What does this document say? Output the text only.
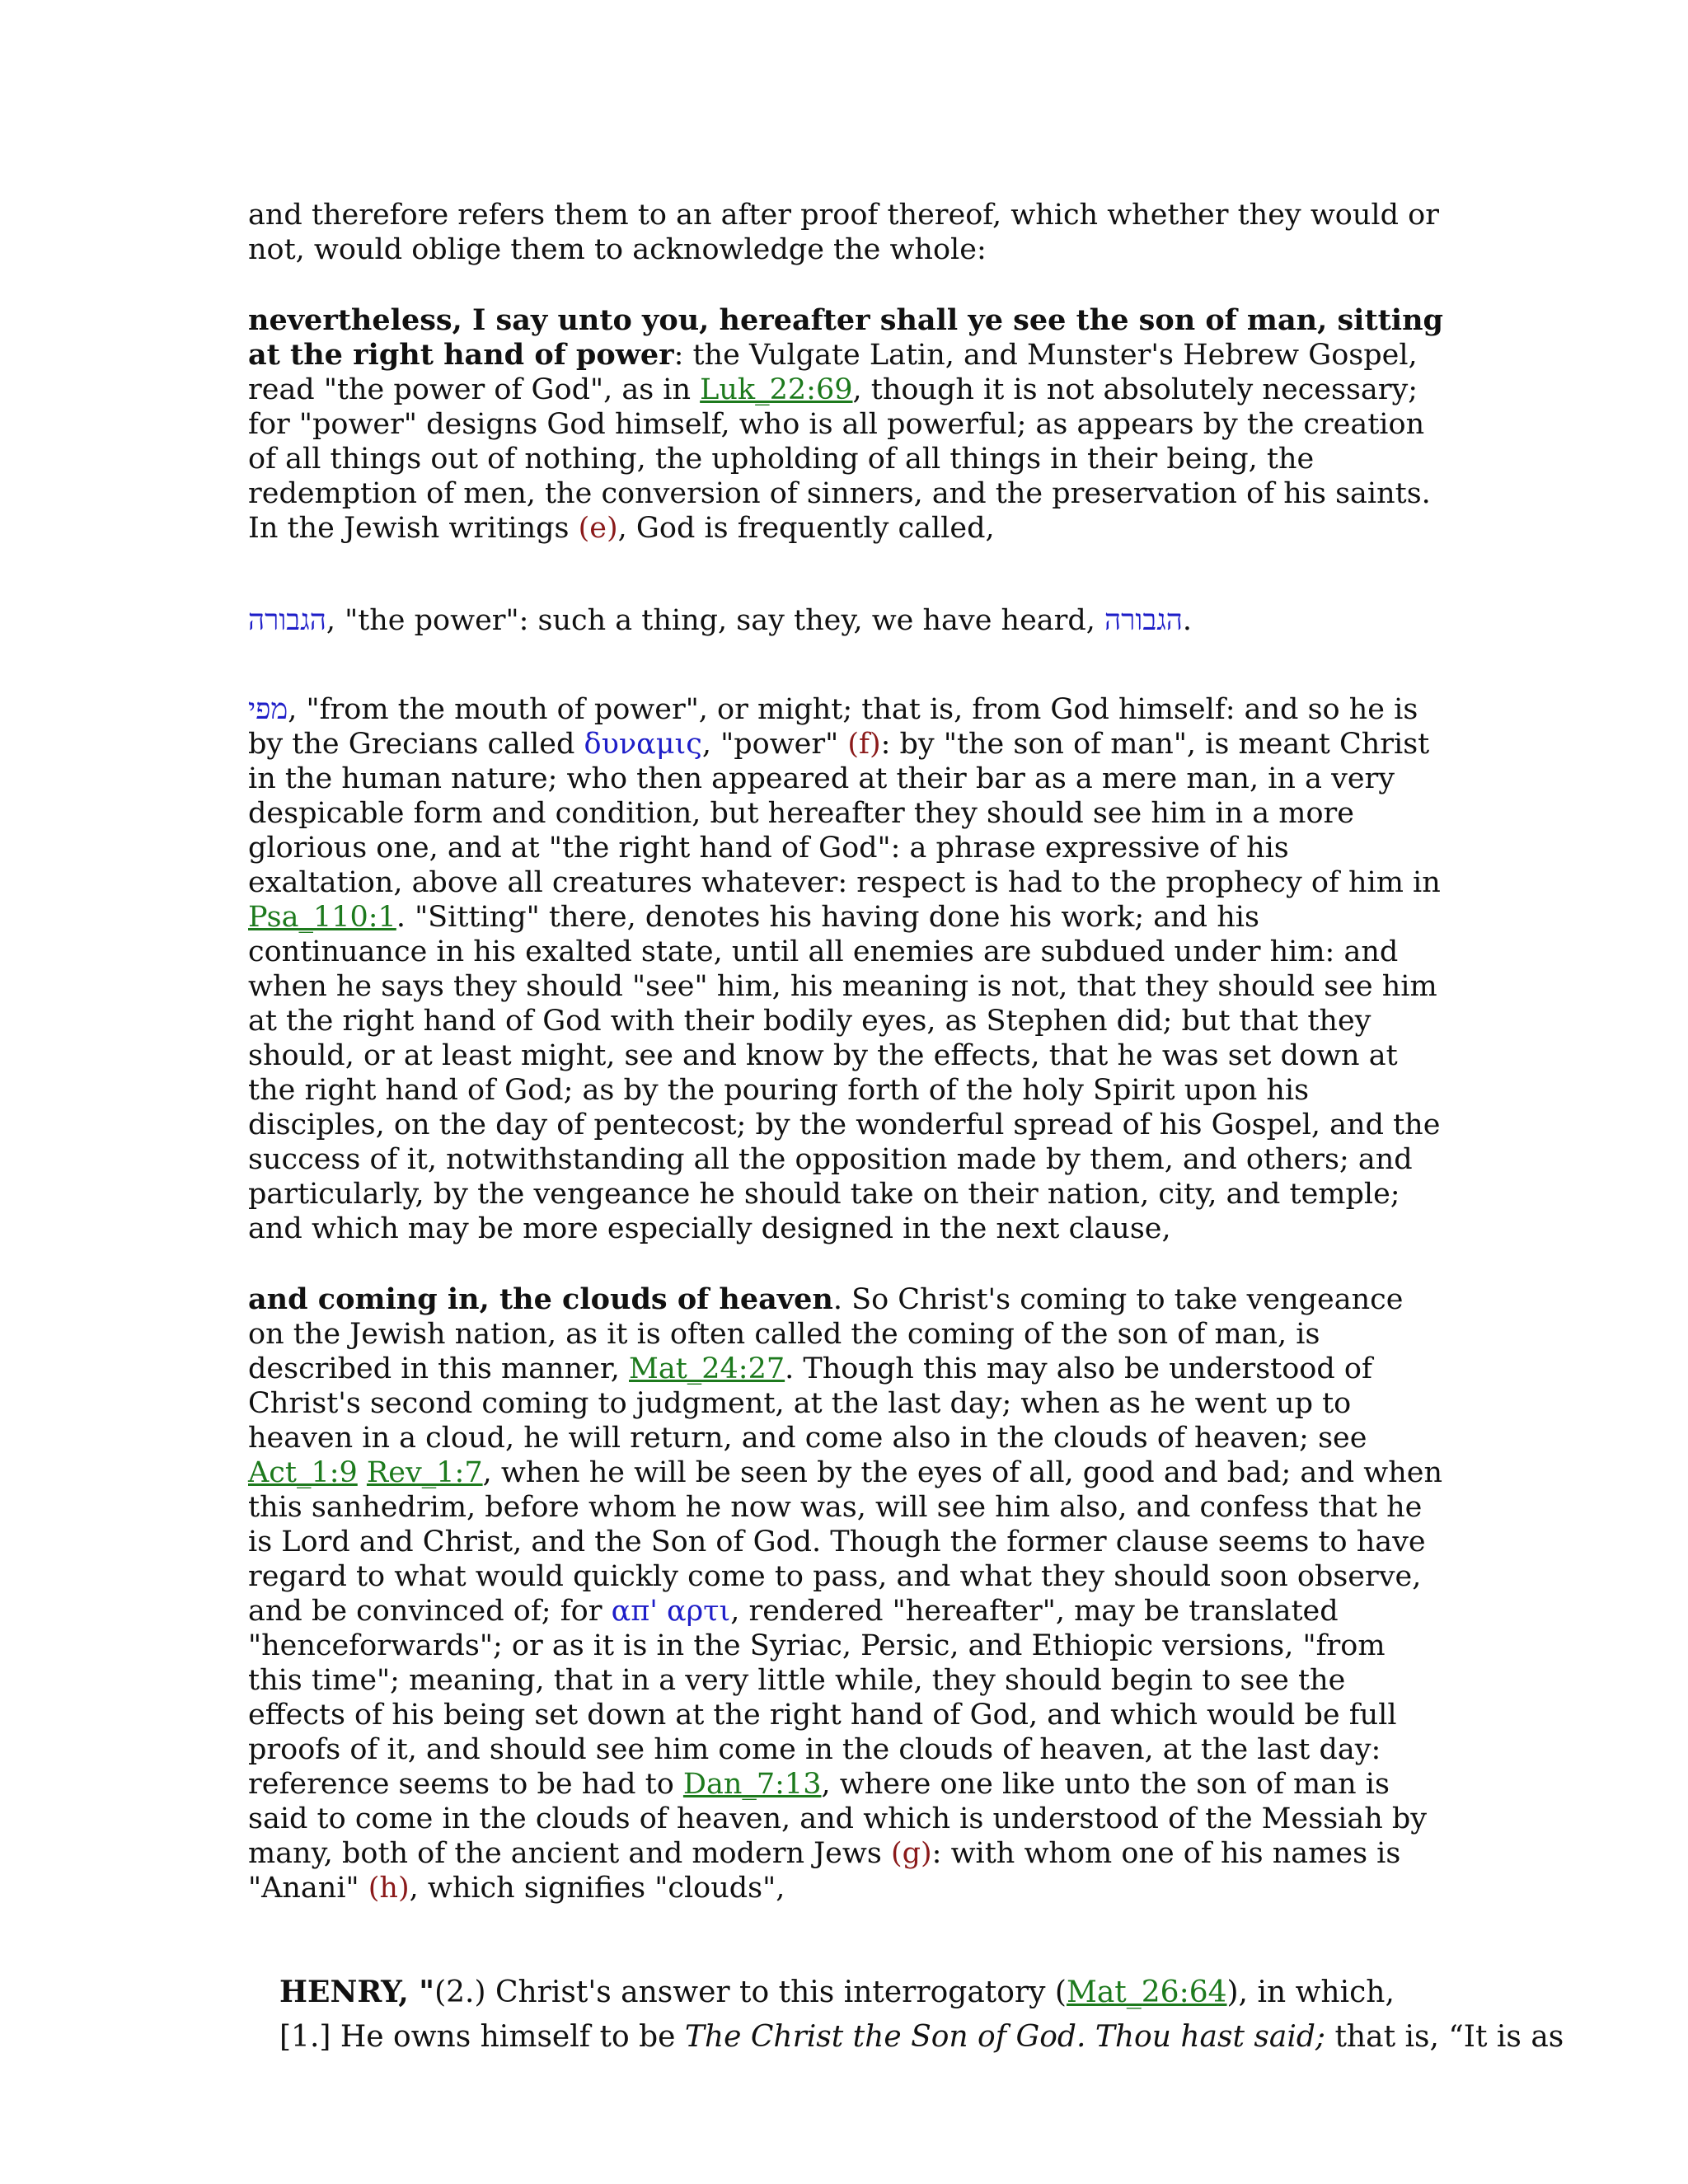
and therefore refers them to an after proof thereof, which whether they would or not, would oblige them to acknowledge the whole:

nevertheless, I say unto you, hereafter shall ye see the son of man, sitting at the right hand of power: the Vulgate Latin, and Munster's Hebrew Gospel, read "the power of God", as in Luk_22:69, though it is not absolutely necessary; for "power" designs God himself, who is all powerful; as appears by the creation of all things out of nothing, the upholding of all things in their being, the redemption of men, the conversion of sinners, and the preservation of his saints. In the Jewish writings (e), God is frequently called,

הגבורה, "the power": such a thing, say they, we have heard, הגבורה.

מפי, "from the mouth of power", or might; that is, from God himself: and so he is by the Grecians called δυναμις, "power" (f): by "the son of man", is meant Christ in the human nature; who then appeared at their bar as a mere man, in a very despicable form and condition, but hereafter they should see him in a more glorious one, and at "the right hand of God": a phrase expressive of his exaltation, above all creatures whatever: respect is had to the prophecy of him in Psa_110:1. "Sitting" there, denotes his having done his work; and his continuance in his exalted state, until all enemies are subdued under him: and when he says they should "see" him, his meaning is not, that they should see him at the right hand of God with their bodily eyes, as Stephen did; but that they should, or at least might, see and know by the effects, that he was set down at the right hand of God; as by the pouring forth of the holy Spirit upon his disciples, on the day of pentecost; by the wonderful spread of his Gospel, and the success of it, notwithstanding all the opposition made by them, and others; and particularly, by the vengeance he should take on their nation, city, and temple; and which may be more especially designed in the next clause,

and coming in, the clouds of heaven. So Christ's coming to take vengeance on the Jewish nation, as it is often called the coming of the son of man, is described in this manner, Mat_24:27. Though this may also be understood of Christ's second coming to judgment, at the last day; when as he went up to heaven in a cloud, he will return, and come also in the clouds of heaven; see Act_1:9 Rev_1:7, when he will be seen by the eyes of all, good and bad; and when this sanhedrim, before whom he now was, will see him also, and confess that he is Lord and Christ, and the Son of God. Though the former clause seems to have regard to what would quickly come to pass, and what they should soon observe, and be convinced of; for απ' αρτι, rendered "hereafter", may be translated "henceforwards"; or as it is in the Syriac, Persic, and Ethiopic versions, "from this time"; meaning, that in a very little while, they should begin to see the effects of his being set down at the right hand of God, and which would be full proofs of it, and should see him come in the clouds of heaven, at the last day: reference seems to be had to Dan_7:13, where one like unto the son of man is said to come in the clouds of heaven, and which is understood of the Messiah by many, both of the ancient and modern Jews (g): with whom one of his names is "Anani" (h), which signifies "clouds",

HENRY, "(2.) Christ's answer to this interrogatory (Mat_26:64), in which,
[1.] He owns himself to be The Christ the Son of God. Thou hast said; that is, “It is as
